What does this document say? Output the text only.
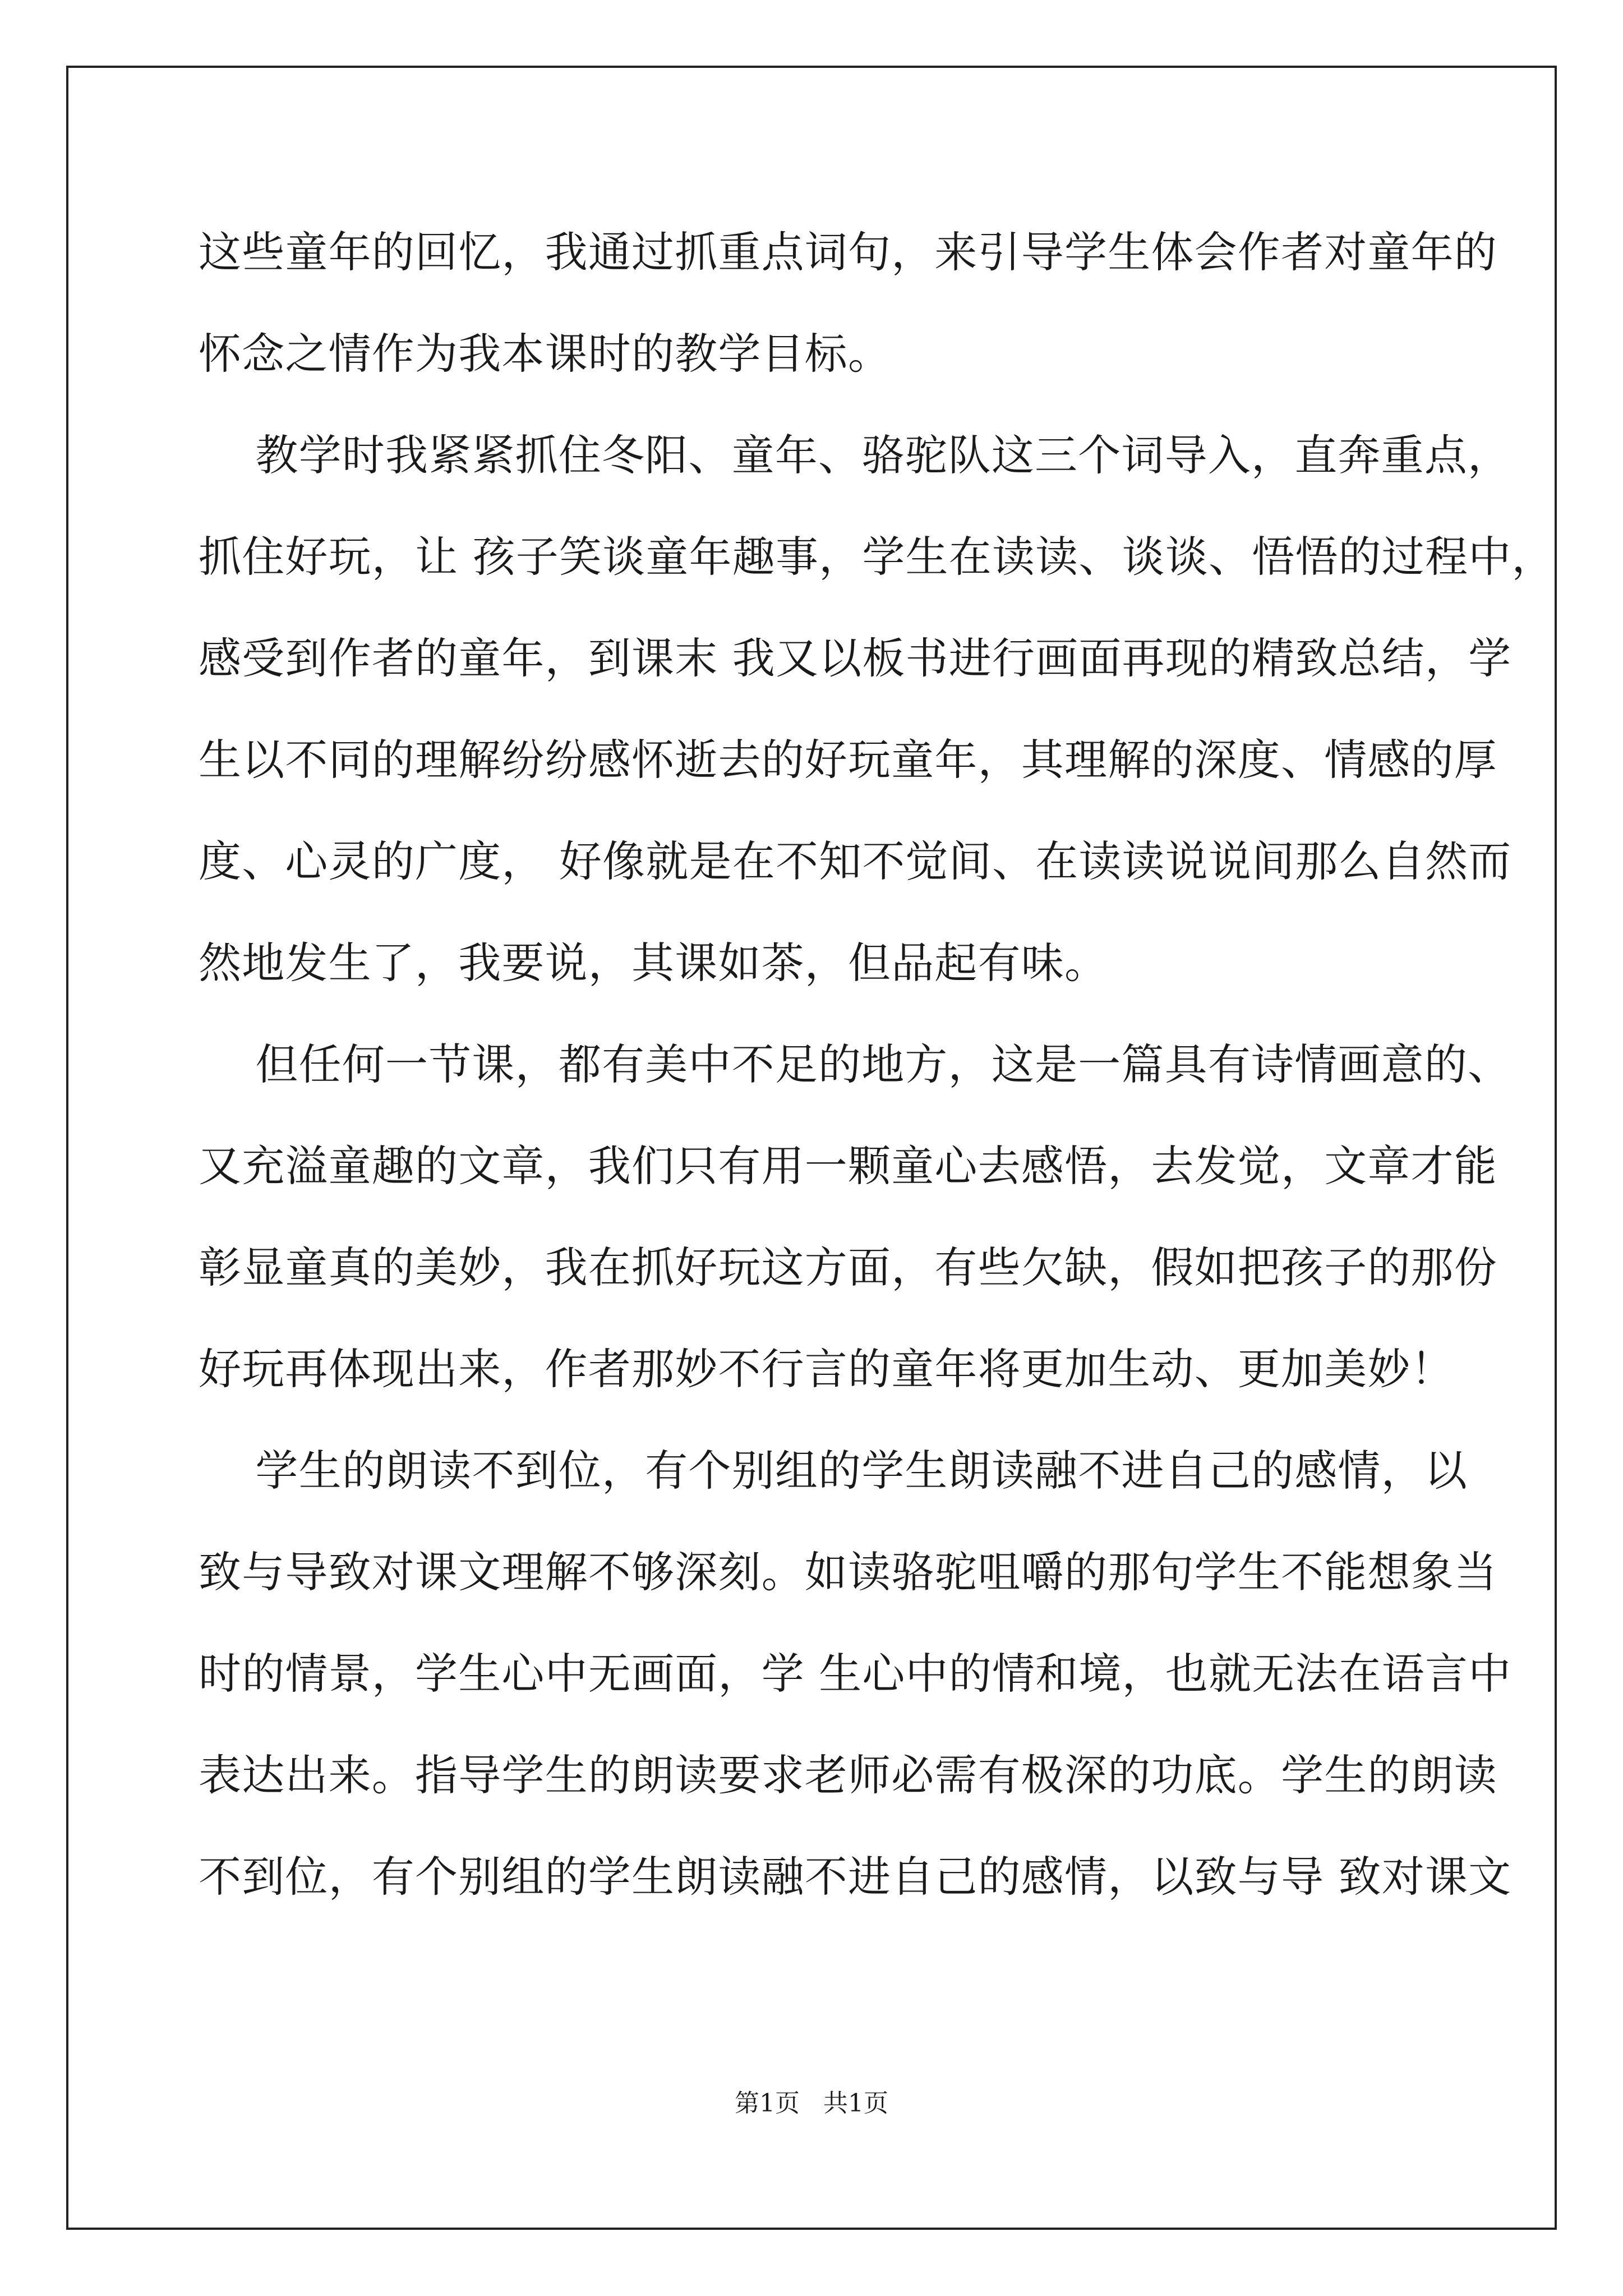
这些童年的回忆，我通过抓重点词句，来引导学生体会作者对童年的
怀念之情作为我本课时的教学目标。
教学时我紧紧抓住冬阳、童年、骆驼队这三个词导入，直奔重点，
抓住好玩，让 孩子笑谈童年趣事，学生在读读、谈谈、悟悟的过程中，
感受到作者的童年，到课末 我又以板书进行画面再现的精致总结，学
生以不同的理解纷纷感怀逝去的好玩童年，其理解的深度、情感的厚
度、心灵的广度， 好像就是在不知不觉间、在读读说说间那么自然而
然地发生了，我要说，其课如茶，但品起有味。
但任何一节课，都有美中不足的地方，这是一篇具有诗情画意的、
又充溢童趣的文章，我们只有用一颗童心去感悟，去发觉，文章才能
彰显童真的美妙，我在抓好玩这方面，有些欠缺，假如把孩子的那份
好玩再体现出来，作者那妙不行言的童年将更加生动、更加美妙！
学生的朗读不到位，有个别组的学生朗读融不进自己的感情，以
致与导致对课文理解不够深刻。如读骆驼咀嚼的那句学生不能想象当
时的情景，学生心中无画面，学 生心中的情和境，也就无法在语言中
表达出来。指导学生的朗读要求老师必需有极深的功底。学生的朗读
不到位，有个别组的学生朗读融不进自己的感情，以致与导 致对课文
第1页   共1页
